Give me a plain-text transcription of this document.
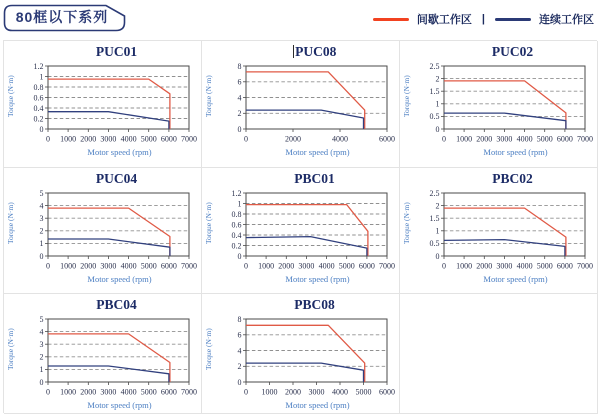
80框以下系列	间歇工作区 |	连续工作区
PUC01
Torque (N·m)
0
0.2
0.4
0.6
0.8
1
1.2
0 1000 2000 3000 4000 5000 6000 7000
Motor speed (rpm)
PUC08
Torque (N·m)
0
2
4
6
8
0	2000	4000	6000
Motor speed (rpm)
PUC02
Torque (N·m)
0
0.5
1
1.5
2
2.5
0 1000 2000 3000 4000 5000 6000 7000
Motor speed (rpm)
PUC04
Torque (N·m)
0
1
2
3
4
5
0 1000 2000 3000 4000 5000 6000 7000
Motor speed (rpm)
PBC01
Torque (N·m)
0
0.2
0.4
0.6
0.8
1
1.2
0 1000 2000 3000 4000 5000 6000 7000
Motor speed (rpm)
PBC02
Torque (N·m)
0
0.5
1
1.5
2
2.5
0 1000 2000 3000 4000 5000 6000 7000
Motor speed (rpm)
PBC04
Torque (N·m)
0
1
2
3
4
5
0 1000 2000 3000 4000 5000 6000 7000
Motor speed (rpm)
PBC08
Torque (N·m)
0
2
4
6
8
0 1000 2000 3000 4000 5000 6000
Motor speed (rpm)
